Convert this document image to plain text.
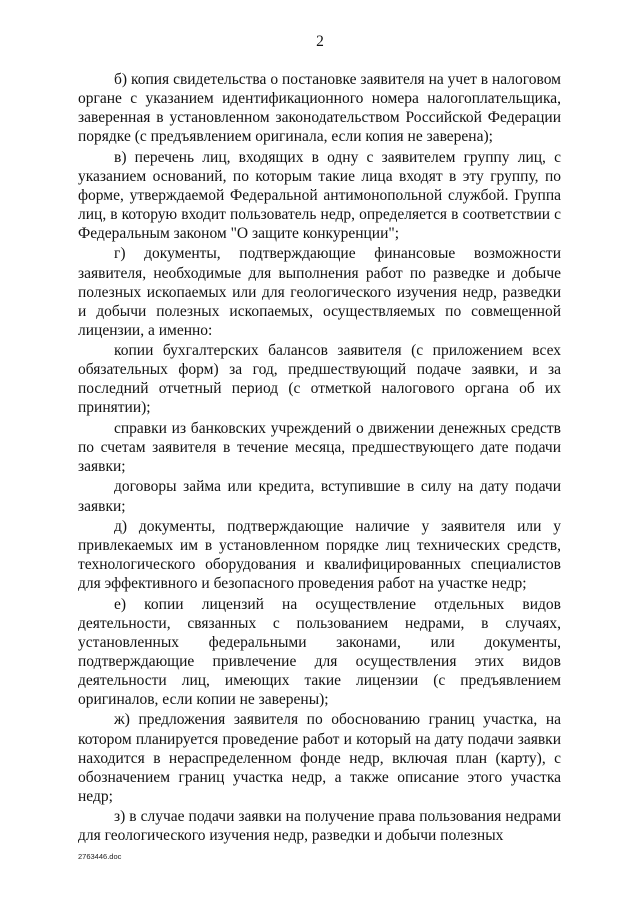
2

б) копия свидетельства о постановке заявителя на учет в налоговом органе с указанием идентификационного номера налогоплательщика, заверенная в установленном законодательством Российской Федерации порядке (с предъявлением оригинала, если копия не заверена);

в) перечень лиц, входящих в одну с заявителем группу лиц, с указанием оснований, по которым такие лица входят в эту группу, по форме, утверждаемой Федеральной антимонопольной службой. Группа лиц, в которую входит пользователь недр, определяется в соответствии с Федеральным законом "О защите конкуренции";

г) документы, подтверждающие финансовые возможности заявителя, необходимые для выполнения работ по разведке и добыче полезных ископаемых или для геологического изучения недр, разведки и добычи полезных ископаемых, осуществляемых по совмещенной лицензии, а именно:

копии бухгалтерских балансов заявителя (с приложением всех обязательных форм) за год, предшествующий подаче заявки, и за последний отчетный период (с отметкой налогового органа об их принятии);

справки из банковских учреждений о движении денежных средств по счетам заявителя в течение месяца, предшествующего дате подачи заявки;

договоры займа или кредита, вступившие в силу на дату подачи заявки;

д) документы, подтверждающие наличие у заявителя или у привлекаемых им в установленном порядке лиц технических средств, технологического оборудования и квалифицированных специалистов для эффективного и безопасного проведения работ на участке недр;

е) копии лицензий на осуществление отдельных видов деятельности, связанных с пользованием недрами, в случаях, установленных федеральными законами, или документы, подтверждающие привлечение для осуществления этих видов деятельности лиц, имеющих такие лицензии (с предъявлением оригиналов, если копии не заверены);

ж) предложения заявителя по обоснованию границ участка, на котором планируется проведение работ и который на дату подачи заявки находится в нераспределенном фонде недр, включая план (карту), с обозначением границ участка недр, а также описание этого участка недр;

з) в случае подачи заявки на получение права пользования недрами для геологического изучения недр, разведки и добычи полезных

2763446.doc
